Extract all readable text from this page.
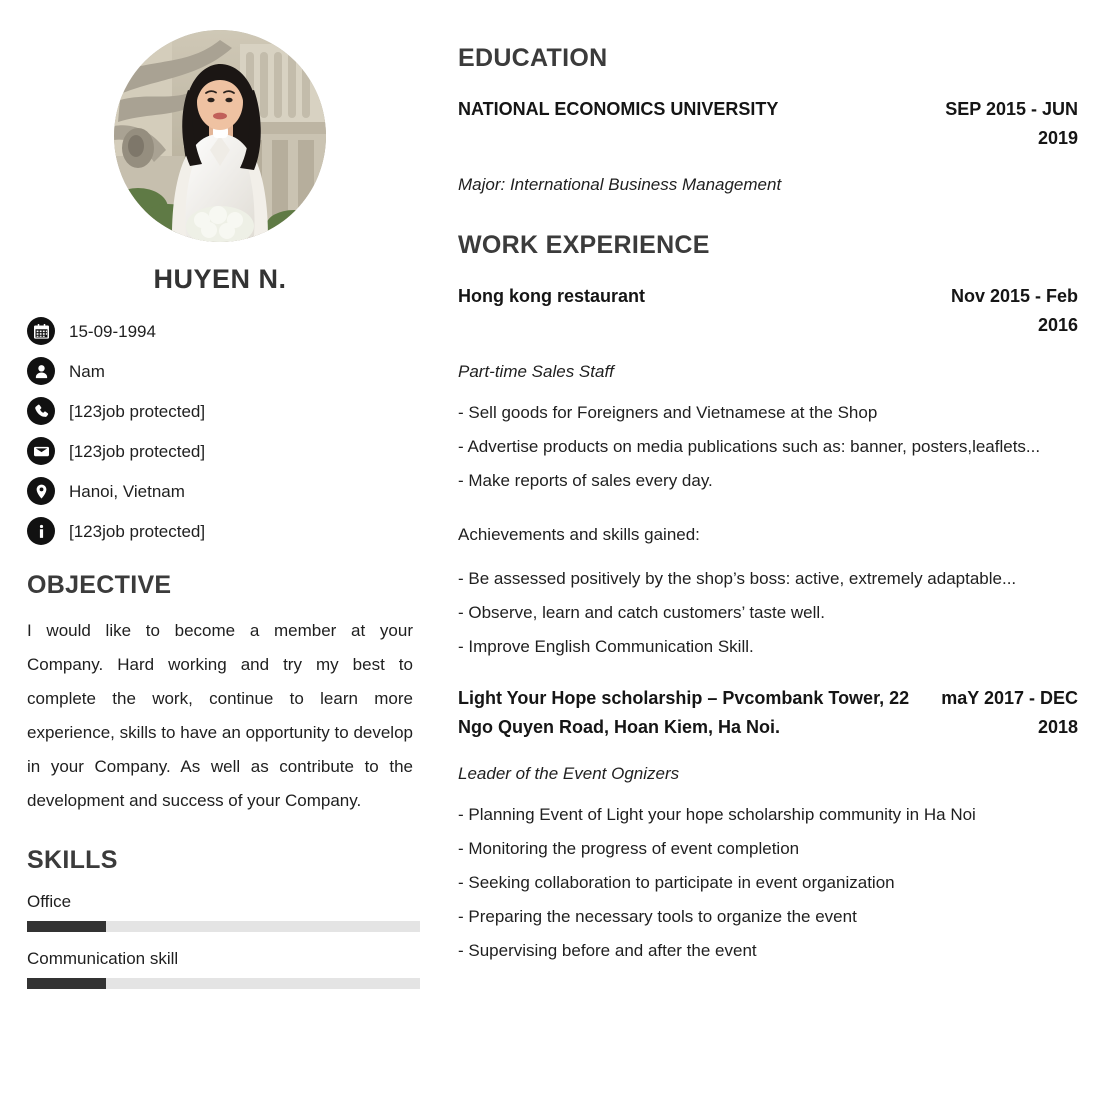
HUYEN N.
15-09-1994
Nam
[123job protected]
[123job protected]
Hanoi, Vietnam
[123job protected]
OBJECTIVE
I would like to become a member at your Company. Hard working and try my best to complete the work, continue to learn more experience, skills to have an opportunity to develop in your Company. As well as contribute to the development and success of your Company.
SKILLS
Office
Communication skill
EDUCATION
NATIONAL ECONOMICS UNIVERSITY	SEP 2015 - JUN 2019
Major: International Business Management
WORK EXPERIENCE
Hong kong restaurant	Nov 2015 - Feb 2016
Part-time Sales Staff
- Sell goods for Foreigners and Vietnamese at the Shop
- Advertise products on media publications such as: banner, posters,leaflets...
- Make reports of sales every day.
Achievements and skills gained:
- Be assessed positively by the shop’s boss: active, extremely adaptable...
- Observe, learn and catch customers’ taste well.
- Improve English Communication Skill.
Light Your Hope scholarship – Pvcombank Tower, 22 Ngo Quyen Road, Hoan Kiem, Ha Noi.
maY 2017 - DEC 2018
Leader of the Event Ognizers
- Planning Event of Light your hope scholarship community in Ha Noi
- Monitoring the progress of event completion
- Seeking collaboration to participate in event organization
- Preparing the necessary tools to organize the event
- Supervising before and after the event
